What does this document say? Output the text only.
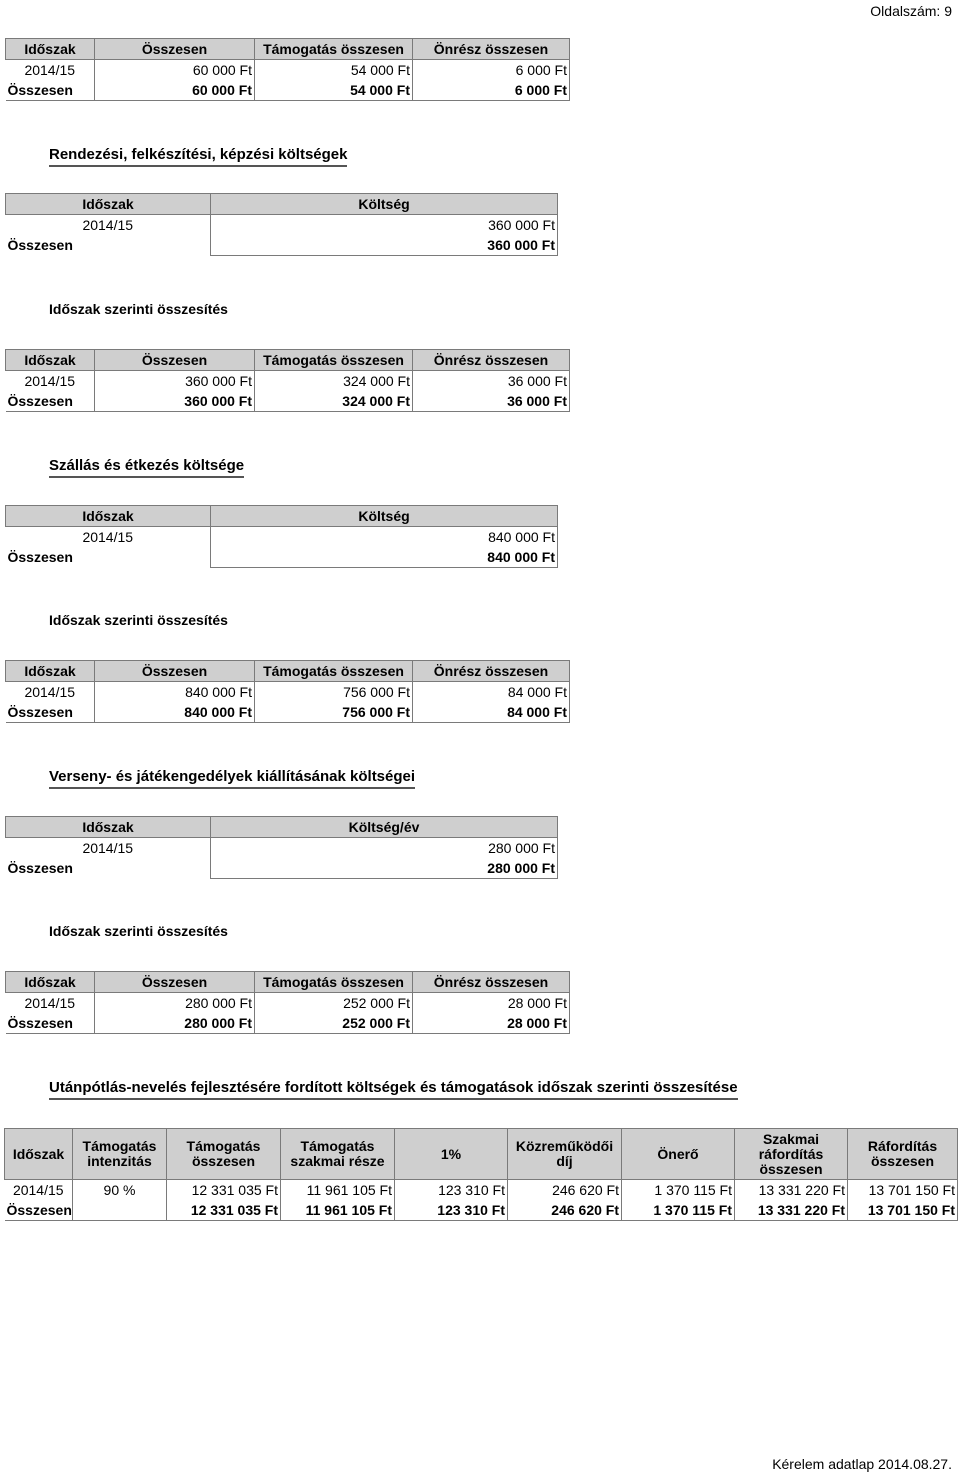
Oldalszám: 9
Időszak	Összesen	Támogatás összesen	Önrész összesen
2014/15	60 000 Ft	54 000 Ft	6 000 Ft
Összesen	60 000 Ft	54 000 Ft	6 000 Ft
Rendezési, felkészítési, képzési költségek
Időszak	Költség
2014/15	360 000 Ft
Összesen	360 000 Ft
Időszak szerinti összesítés
Időszak	Összesen	Támogatás összesen	Önrész összesen
2014/15	360 000 Ft	324 000 Ft	36 000 Ft
Összesen	360 000 Ft	324 000 Ft	36 000 Ft
Szállás és étkezés költsége
Időszak	Költség
2014/15	840 000 Ft
Összesen	840 000 Ft
Időszak szerinti összesítés
Időszak	Összesen	Támogatás összesen	Önrész összesen
2014/15	840 000 Ft	756 000 Ft	84 000 Ft
Összesen	840 000 Ft	756 000 Ft	84 000 Ft
Verseny- és játékengedélyek kiállításának költségei
Időszak	Költség/év
2014/15	280 000 Ft
Összesen	280 000 Ft
Időszak szerinti összesítés
Időszak	Összesen	Támogatás összesen	Önrész összesen
2014/15	280 000 Ft	252 000 Ft	28 000 Ft
Összesen	280 000 Ft	252 000 Ft	28 000 Ft
Utánpótlás-nevelés fejlesztésére fordított költségek és támogatások időszak szerinti összesítése
Időszak	Támogatás intenzitás	Támogatás összesen	Támogatás szakmai része	1%	Közreműködői díj	Önerő	Szakmai ráfordítás összesen	Ráfordítás összesen
2014/15	90 %	12 331 035 Ft	11 961 105 Ft	123 310 Ft	246 620 Ft	1 370 115 Ft	13 331 220 Ft	13 701 150 Ft
Összesen		12 331 035 Ft	11 961 105 Ft	123 310 Ft	246 620 Ft	1 370 115 Ft	13 331 220 Ft	13 701 150 Ft
Kérelem adatlap 2014.08.27.
